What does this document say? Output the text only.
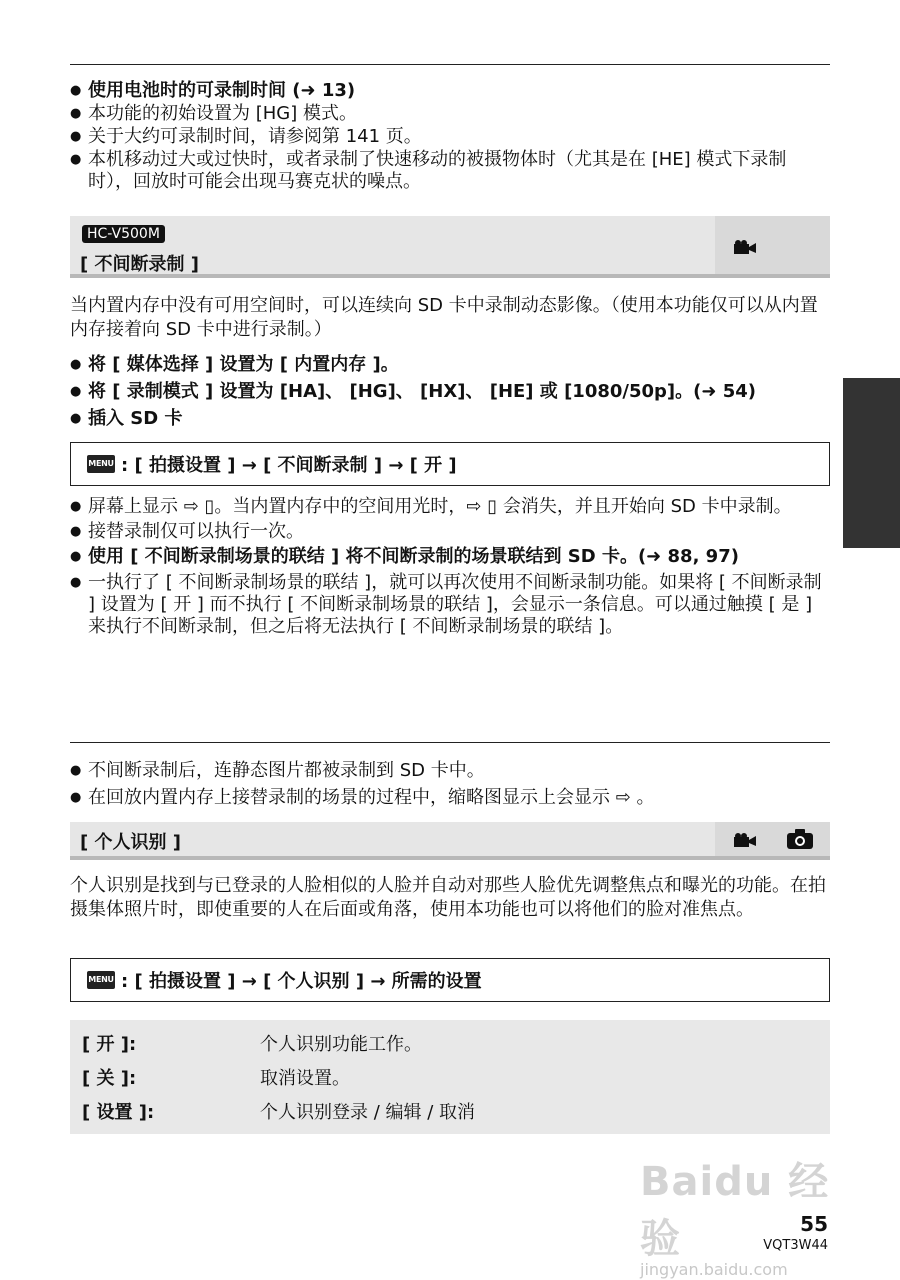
● 使用电池时的可录制时间 (➜ 13)
● 本功能的初始设置为 [HG] 模式。
● 关于大约可录制时间，请参阅第 141 页。
● 本机移动过大或过快时，或者录制了快速移动的被摄物体时（尤其是在 [HE] 模式下录制时），回放时可能会出现马赛克状的噪点。
HC-V500M
[ 不间断录制 ]
当内置内存中没有可用空间时，可以连续向 SD 卡中录制动态影像。（使用本功能仅可以从内置内存接着向 SD 卡中进行录制。）
● 将 [ 媒体选择 ] 设置为 [ 内置内存 ]。
● 将 [ 录制模式 ] 设置为 [HA]、 [HG]、 [HX]、 [HE] 或 [1080/50p]。(➜ 54)
● 插入 SD 卡
MENU : [ 拍摄设置 ] → [ 不间断录制 ] → [ 开 ]
● 屏幕上显示 ⇨ ▯。当内置内存中的空间用光时，⇨ ▯ 会消失，并且开始向 SD 卡中录制。
● 接替录制仅可以执行一次。
● 使用 [ 不间断录制场景的联结 ] 将不间断录制的场景联结到 SD 卡。(➜ 88, 97)
● 一执行了 [ 不间断录制场景的联结 ]，就可以再次使用不间断录制功能。如果将 [ 不间断录制 ] 设置为 [ 开 ] 而不执行 [ 不间断录制场景的联结 ]，会显示一条信息。可以通过触摸 [ 是 ] 来执行不间断录制，但之后将无法执行 [ 不间断录制场景的联结 ]。
● 不间断录制后，连静态图片都被录制到 SD 卡中。
● 在回放内置内存上接替录制的场景的过程中，缩略图显示上会显示 ⇨ 。
[ 个人识别 ]
个人识别是找到与已登录的人脸相似的人脸并自动对那些人脸优先调整焦点和曝光的功能。在拍摄集体照片时，即使重要的人在后面或角落，使用本功能也可以将他们的脸对准焦点。
MENU : [ 拍摄设置 ] → [ 个人识别 ] → 所需的设置
[ 开 ]:	个人识别功能工作。
[ 关 ]:	取消设置。
[ 设置 ]:	个人识别登录 / 编辑 / 取消
Baidu 经验
jingyan.baidu.com
55
VQT3W44
